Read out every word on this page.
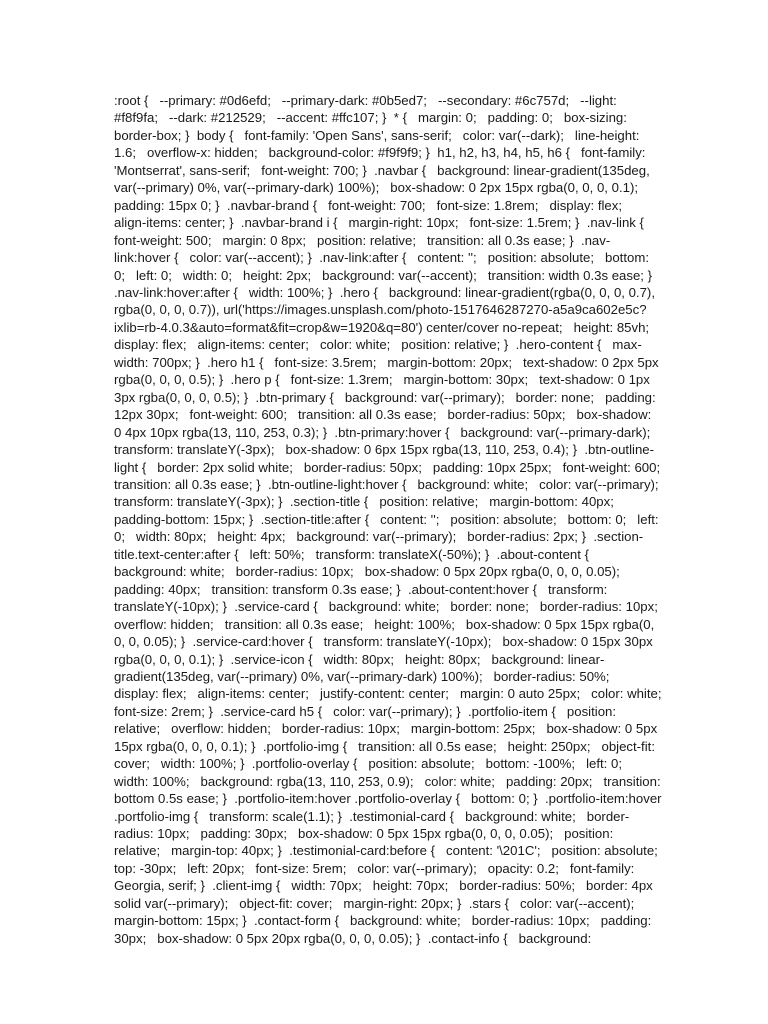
:root {   --primary: #0d6efd;   --primary-dark: #0b5ed7;   --secondary: #6c757d;   --light: #f8f9fa;   --dark: #212529;   --accent: #ffc107; }  * {   margin: 0;   padding: 0;   box-sizing: border-box; }  body {   font-family: 'Open Sans', sans-serif;   color: var(--dark);   line-height: 1.6;   overflow-x: hidden;   background-color: #f9f9f9; }  h1, h2, h3, h4, h5, h6 {   font-family: 'Montserrat', sans-serif;   font-weight: 700; }  .navbar {   background: linear-gradient(135deg, var(--primary) 0%, var(--primary-dark) 100%);   box-shadow: 0 2px 15px rgba(0, 0, 0, 0.1);   padding: 15px 0; }  .navbar-brand {   font-weight: 700;   font-size: 1.8rem;   display: flex;   align-items: center; }  .navbar-brand i {   margin-right: 10px;   font-size: 1.5rem; }  .nav-link {   font-weight: 500;   margin: 0 8px;   position: relative;   transition: all 0.3s ease; }  .nav-link:hover {   color: var(--accent); }  .nav-link:after {   content: '';   position: absolute;   bottom: 0;   left: 0;   width: 0;   height: 2px;   background: var(--accent);   transition: width 0.3s ease; }  .nav-link:hover:after {   width: 100%; }  .hero {   background: linear-gradient(rgba(0, 0, 0, 0.7), rgba(0, 0, 0, 0.7)), url('https://images.unsplash.com/photo-1517646287270-a5a9ca602e5c?ixlib=rb-4.0.3&auto=format&fit=crop&w=1920&q=80') center/cover no-repeat;   height: 85vh;   display: flex;   align-items: center;   color: white;   position: relative; }  .hero-content {   max-width: 700px; }  .hero h1 {   font-size: 3.5rem;   margin-bottom: 20px;   text-shadow: 0 2px 5px rgba(0, 0, 0, 0.5); }  .hero p {   font-size: 1.3rem;   margin-bottom: 30px;   text-shadow: 0 1px 3px rgba(0, 0, 0, 0.5); }  .btn-primary {   background: var(--primary);   border: none;   padding: 12px 30px;   font-weight: 600;   transition: all 0.3s ease;   border-radius: 50px;   box-shadow: 0 4px 10px rgba(13, 110, 253, 0.3); }  .btn-primary:hover {   background: var(--primary-dark);   transform: translateY(-3px);   box-shadow: 0 6px 15px rgba(13, 110, 253, 0.4); }  .btn-outline-light {   border: 2px solid white;   border-radius: 50px;   padding: 10px 25px;   font-weight: 600;   transition: all 0.3s ease; }  .btn-outline-light:hover {   background: white;   color: var(--primary);   transform: translateY(-3px); }  .section-title {   position: relative;   margin-bottom: 40px;   padding-bottom: 15px; }  .section-title:after {   content: '';   position: absolute;   bottom: 0;   left: 0;   width: 80px;   height: 4px;   background: var(--primary);   border-radius: 2px; }  .section-title.text-center:after {   left: 50%;   transform: translateX(-50%); }  .about-content {   background: white;   border-radius: 10px;   box-shadow: 0 5px 20px rgba(0, 0, 0, 0.05);   padding: 40px;   transition: transform 0.3s ease; }  .about-content:hover {   transform: translateY(-10px); }  .service-card {   background: white;   border: none;   border-radius: 10px;   overflow: hidden;   transition: all 0.3s ease;   height: 100%;   box-shadow: 0 5px 15px rgba(0, 0, 0, 0.05); }  .service-card:hover {   transform: translateY(-10px);   box-shadow: 0 15px 30px rgba(0, 0, 0, 0.1); }  .service-icon {   width: 80px;   height: 80px;   background: linear-gradient(135deg, var(--primary) 0%, var(--primary-dark) 100%);   border-radius: 50%;   display: flex;   align-items: center;   justify-content: center;   margin: 0 auto 25px;   color: white;   font-size: 2rem; }  .service-card h5 {   color: var(--primary); }  .portfolio-item {   position: relative;   overflow: hidden;   border-radius: 10px;   margin-bottom: 25px;   box-shadow: 0 5px 15px rgba(0, 0, 0, 0.1); }  .portfolio-img {   transition: all 0.5s ease;   height: 250px;   object-fit: cover;   width: 100%; }  .portfolio-overlay {   position: absolute;   bottom: -100%;   left: 0;   width: 100%;   background: rgba(13, 110, 253, 0.9);   color: white;   padding: 20px;   transition: bottom 0.5s ease; }  .portfolio-item:hover .portfolio-overlay {   bottom: 0; }  .portfolio-item:hover .portfolio-img {   transform: scale(1.1); }  .testimonial-card {   background: white;   border-radius: 10px;   padding: 30px;   box-shadow: 0 5px 15px rgba(0, 0, 0, 0.05);   position: relative;   margin-top: 40px; }  .testimonial-card:before {   content: '\201C';   position: absolute;   top: -30px;   left: 20px;   font-size: 5rem;   color: var(--primary);   opacity: 0.2;   font-family: Georgia, serif; }  .client-img {   width: 70px;   height: 70px;   border-radius: 50%;   border: 4px solid var(--primary);   object-fit: cover;   margin-right: 20px; }  .stars {   color: var(--accent);   margin-bottom: 15px; }  .contact-form {   background: white;   border-radius: 10px;   padding: 30px;   box-shadow: 0 5px 20px rgba(0, 0, 0, 0.05); }  .contact-info {   background:
